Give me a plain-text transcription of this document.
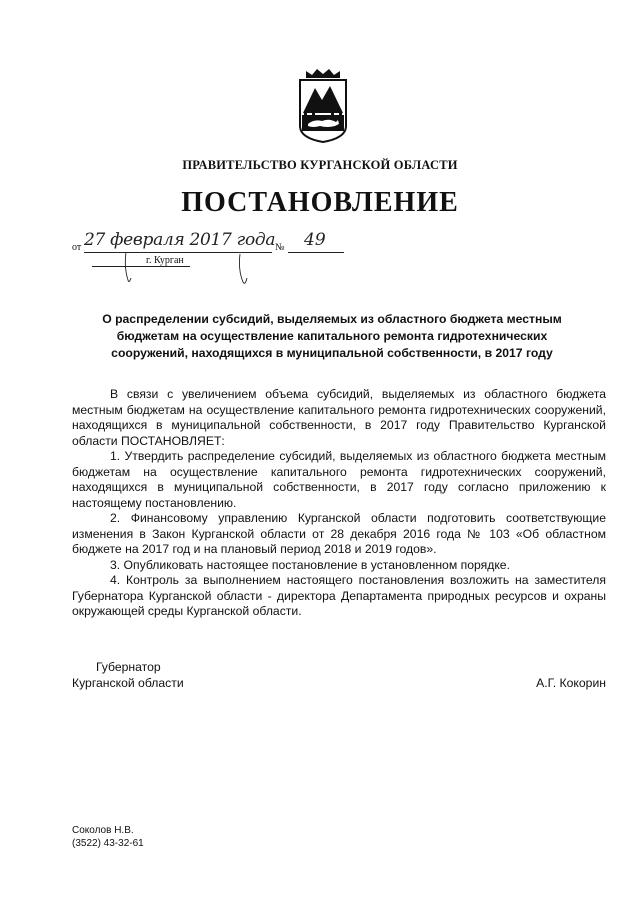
ПРАВИТЕЛЬСТВО КУРГАНСКОЙ ОБЛАСТИ
ПОСТАНОВЛЕНИЕ
от 27 февраля 2017 года № 49
г. Курган
О распределении субсидий, выделяемых из областного бюджета местным бюджетам на осуществление капитального ремонта гидротехнических сооружений, находящихся в муниципальной собственности, в 2017 году

В связи с увеличением объема субсидий, выделяемых из областного бюджета местным бюджетам на осуществление капитального ремонта гидротехнических сооружений, находящихся в муниципальной собственности, в 2017 году Правительство Курганской области ПОСТАНОВЛЯЕТ:

1. Утвердить распределение субсидий, выделяемых из областного бюджета местным бюджетам на осуществление капитального ремонта гидротехнических сооружений, находящихся в муниципальной собственности, в 2017 году согласно приложению к настоящему постановлению.

2. Финансовому управлению Курганской области подготовить соответствующие изменения в Закон Курганской области от 28 декабря 2016 года № 103 «Об областном бюджете на 2017 год и на плановый период 2018 и 2019 годов».

3. Опубликовать настоящее постановление в установленном порядке.

4. Контроль за выполнением настоящего постановления возложить на заместителя Губернатора Курганской области - директора Департамента природных ресурсов и охраны окружающей среды Курганской области.

Губернатор
Курганской области	А.Г. Кокорин
Соколов Н.В.
(3522) 43-32-61
